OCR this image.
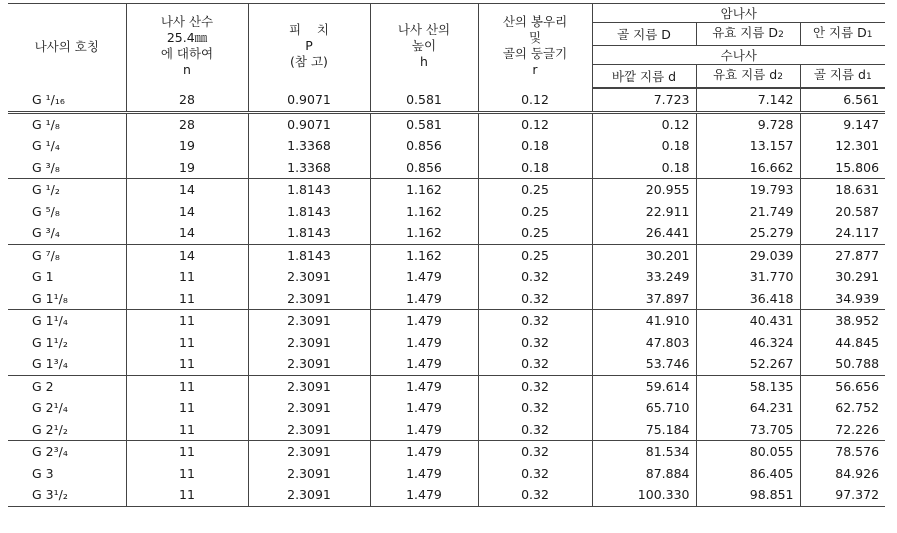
나사의 호칭	나사 산수
25.4㎜
에 대하여
n	피    치
P
(참 고)	나사 산의
높이
h	산의 봉우리
및
골의 둥글기
r	암나사		
					골 지름 D	유효 지름 D2	안 지름 D1
					수나사		
					바깥 지름 d	유효 지름 d2	골 지름 d1
G ¹/₁₆	28	0.9071	0.581	0.12	7.723	7.142	6.561
G ¹/₈	28	0.9071	0.581	0.12	0.12	9.728	9.147
G ¹/₄	19	1.3368	0.856	0.18	0.18	13.157	12.301
G ³/₈	19	1.3368	0.856	0.18	0.18	16.662	15.806
G ¹/₂	14	1.8143	1.162	0.25	20.955	19.793	18.631
G ⁵/₈	14	1.8143	1.162	0.25	22.911	21.749	20.587
G ³/₄	14	1.8143	1.162	0.25	26.441	25.279	24.117
G ⁷/₈	14	1.8143	1.162	0.25	30.201	29.039	27.877
G 1	11	2.3091	1.479	0.32	33.249	31.770	30.291
G 1¹/₈	11	2.3091	1.479	0.32	37.897	36.418	34.939
G 1¹/₄	11	2.3091	1.479	0.32	41.910	40.431	38.952
G 1¹/₂	11	2.3091	1.479	0.32	47.803	46.324	44.845
G 1³/₄	11	2.3091	1.479	0.32	53.746	52.267	50.788
G 2	11	2.3091	1.479	0.32	59.614	58.135	56.656
G 2¹/₄	11	2.3091	1.479	0.32	65.710	64.231	62.752
G 2¹/₂	11	2.3091	1.479	0.32	75.184	73.705	72.226
G 2³/₄	11	2.3091	1.479	0.32	81.534	80.055	78.576
G 3	11	2.3091	1.479	0.32	87.884	86.405	84.926
G 3¹/₂	11	2.3091	1.479	0.32	100.330	98.851	97.372
